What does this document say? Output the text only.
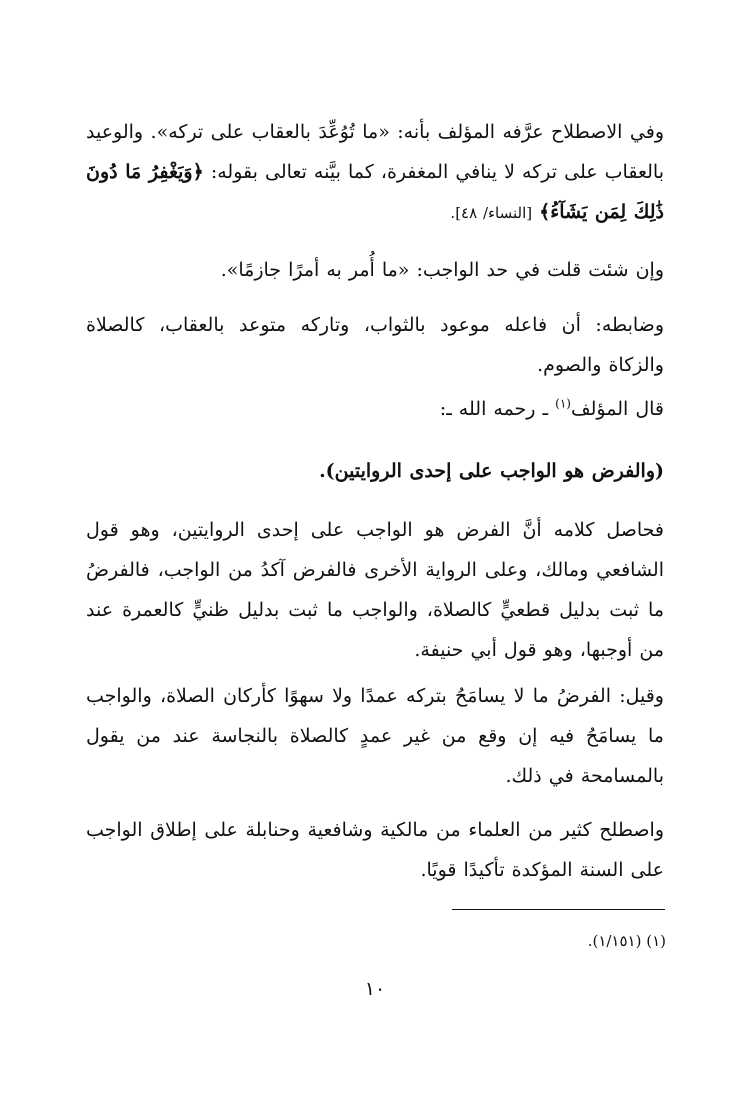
وفي الاصطلاح عرَّفه المؤلف بأنه: «ما تُوُعِّدَ بالعقاب على تركه». والوعيد بالعقاب على تركه لا ينافي المغفرة، كما بيَّنه تعالى بقوله: ﴿وَيَغْفِرُ مَا دُونَ ذَٰلِكَ لِمَن يَشَآءُ﴾ [النساء/ ٤٨].

وإن شئت قلت في حد الواجب: «ما أُمر به أمرًا جازمًا».

وضابطه: أن فاعله موعود بالثواب، وتاركه متوعد بالعقاب، كالصلاة والزكاة والصوم.

قال المؤلف$^{(١)}$ ـ رحمه الله ـ:

(والفرض هو الواجب على إحدى الروايتين).

فحاصل كلامه أنَّ الفرض هو الواجب على إحدى الروايتين، وهو قول الشافعي ومالك، وعلى الرواية الأخرى فالفرض آكدُ من الواجب، فالفرضُ ما ثبت بدليل قطعيٍّ كالصلاة، والواجب ما ثبت بدليل ظنيٍّ كالعمرة عند من أوجبها، وهو قول أبي حنيفة.

وقيل: الفرضُ ما لا يسامَحُ بتركه عمدًا ولا سهوًا كأركان الصلاة، والواجب ما يسامَحُ فيه إن وقع من غير عمدٍ كالصلاة بالنجاسة عند من يقول بالمسامحة في ذلك.

واصطلح كثير من العلماء من مالكية وشافعية وحنابلة على إطلاق الواجب على السنة المؤكدة تأكيدًا قويًا.

(١) (١/١٥١).

١٠
